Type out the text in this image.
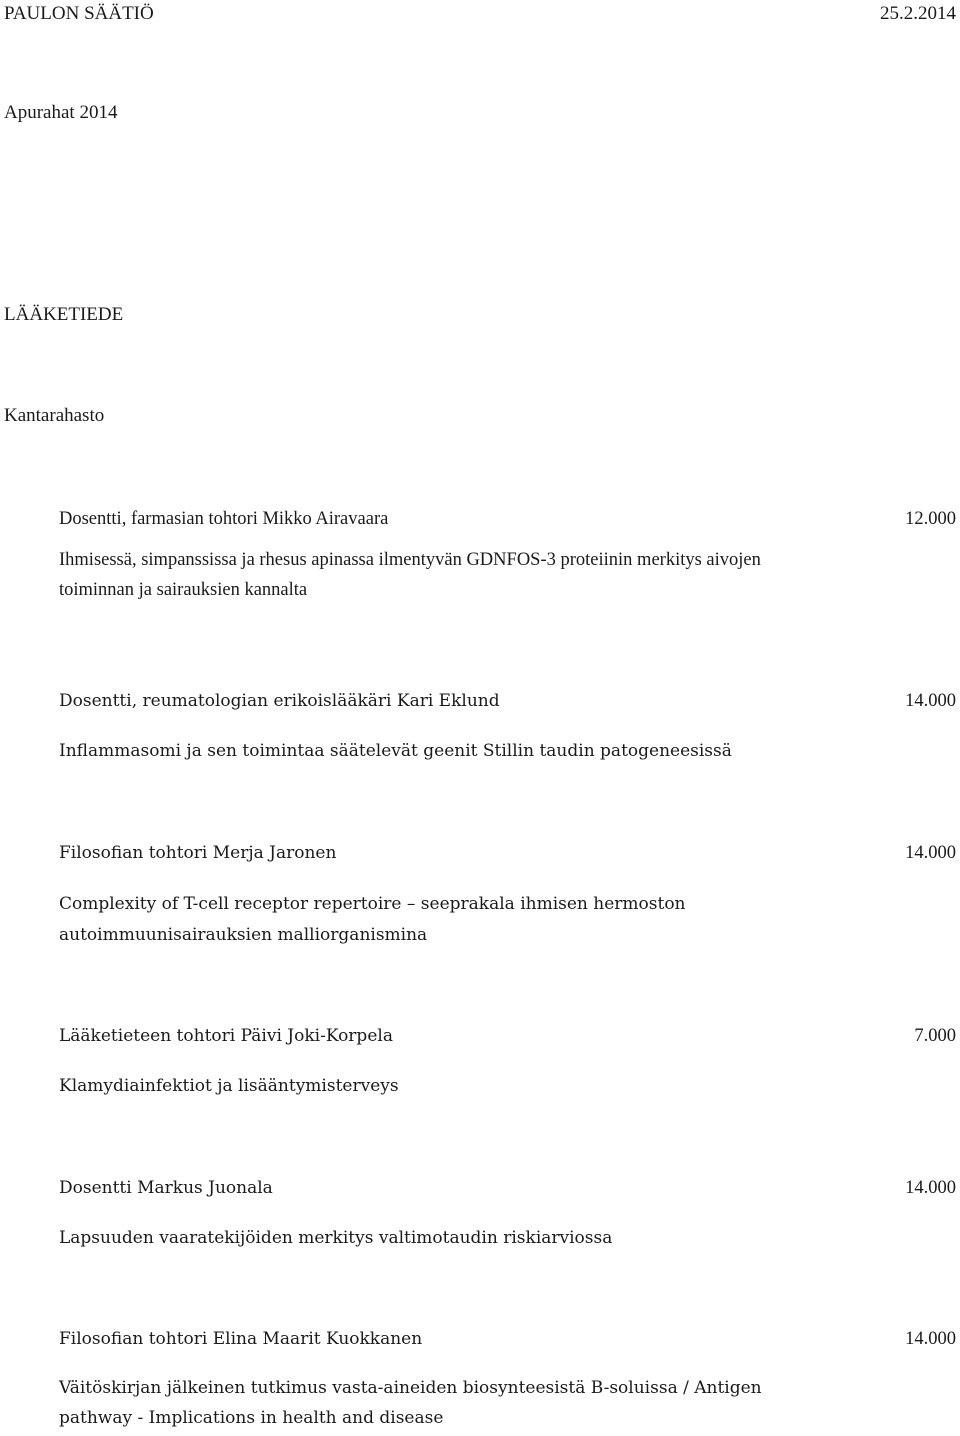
PAULON SÄÄTIÖ	25.2.2014
Apurahat 2014
LÄÄKETIEDE
Kantarahasto
Dosentti, farmasian tohtori Mikko Airavaara	12.000
Ihmisessä, simpanssissa ja rhesus apinassa ilmentyvän GDNFOS-3 proteiinin merkitys aivojen toiminnan ja sairauksien kannalta
Dosentti, reumatologian erikoislääkäri Kari Eklund	14.000
Inflammasomi ja sen toimintaa säätelevät geenit Stillin taudin patogeneesissä
Filosofian tohtori Merja Jaronen	14.000
Complexity of T-cell receptor repertoire – seeprakala ihmisen hermoston autoimmuunisairauksien malliorganismina
Lääketieteen tohtori Päivi Joki-Korpela	7.000
Klamydiainfektiot ja lisääntymisterveys
Dosentti Markus Juonala	14.000
Lapsuuden vaaratekijöiden merkitys valtimotaudin riskiarviossa
Filosofian tohtori Elina Maarit Kuokkanen	14.000
Väitöskirjan jälkeinen tutkimus vasta-aineiden biosynteesistä B-soluissa / Antigen pathway - Implications in health and disease
